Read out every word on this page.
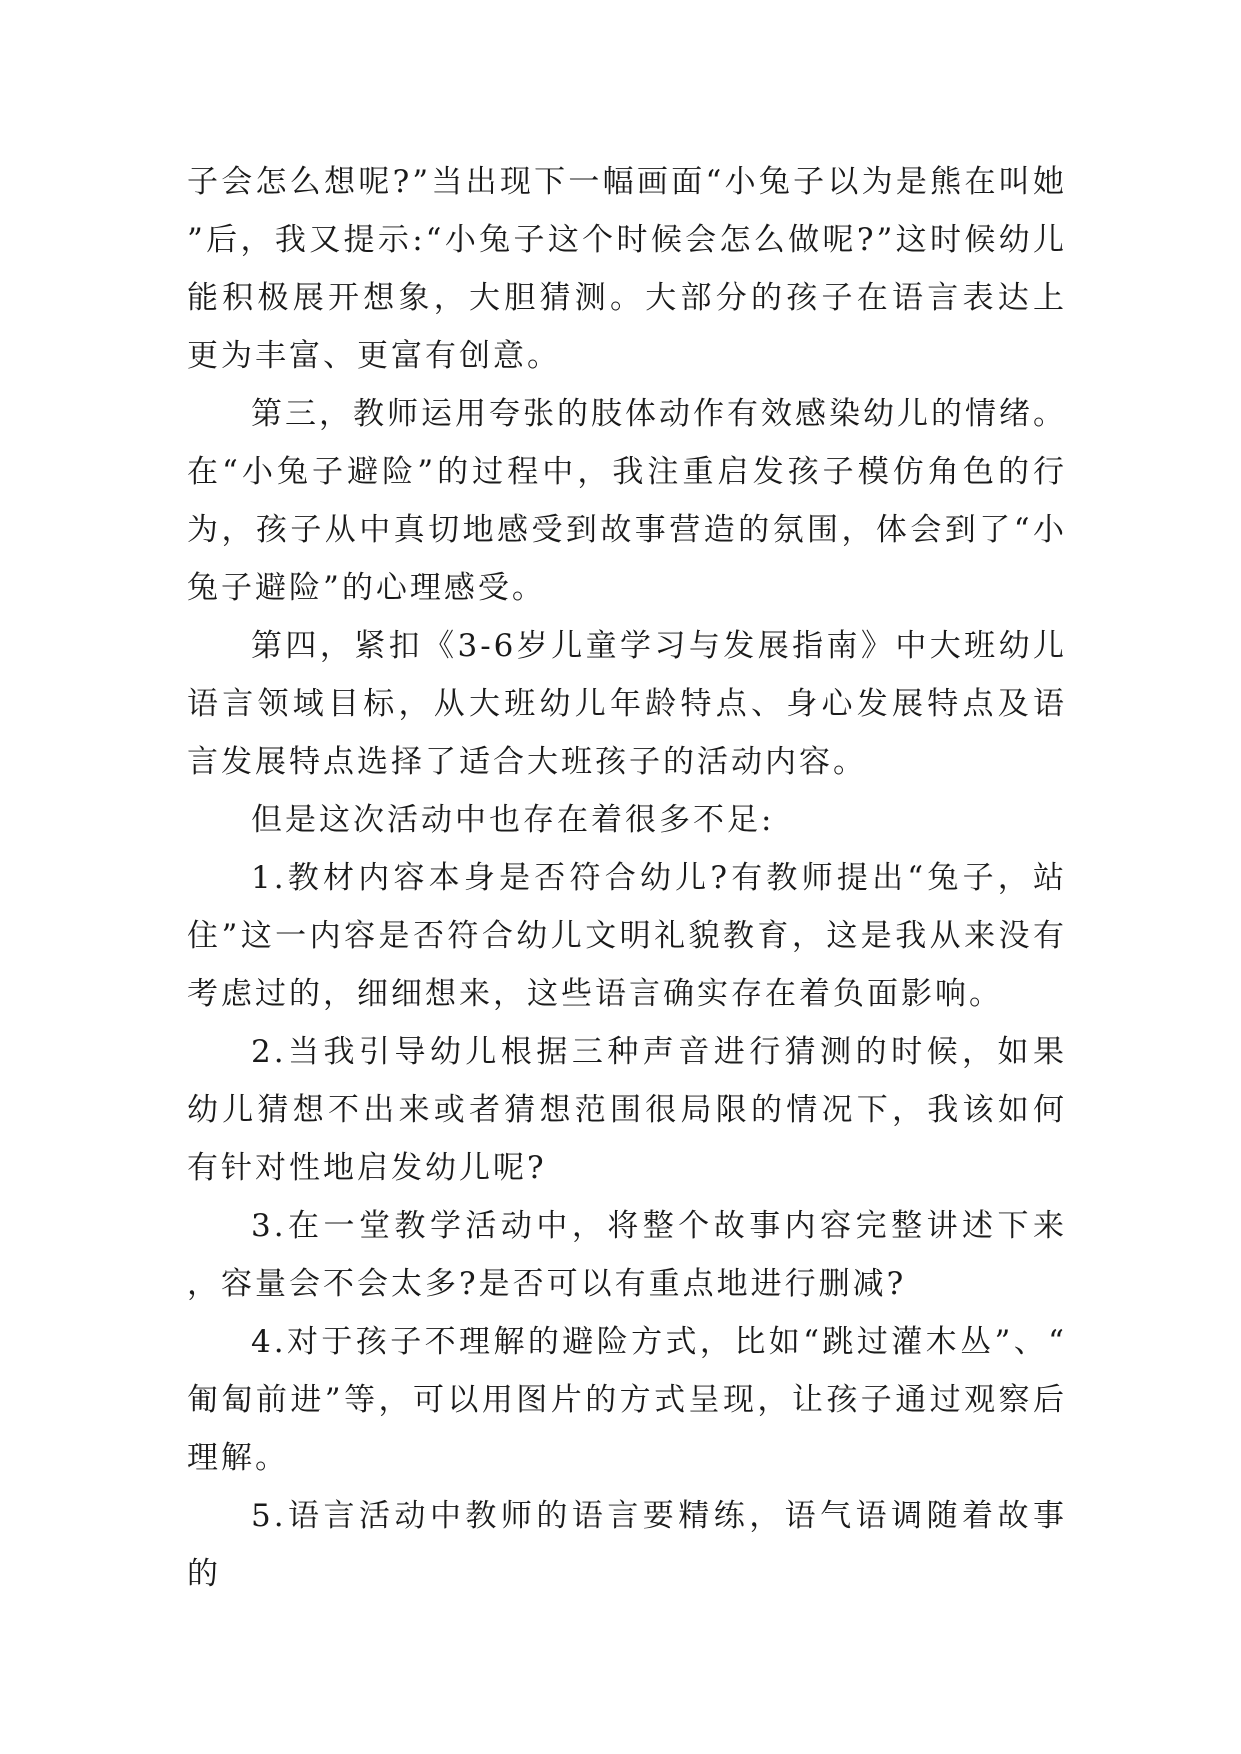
子会怎么想呢?”当出现下一幅画面“小兔子以为是熊在叫她”后，我又提示:“小兔子这个时候会怎么做呢?”这时候幼儿能积极展开想象，大胆猜测。大部分的孩子在语言表达上更为丰富、更富有创意。

第三，教师运用夸张的肢体动作有效感染幼儿的情绪。在“小兔子避险”的过程中，我注重启发孩子模仿角色的行为，孩子从中真切地感受到故事营造的氛围，体会到了“小兔子避险”的心理感受。

第四，紧扣《3-6岁儿童学习与发展指南》中大班幼儿语言领域目标，从大班幼儿年龄特点、身心发展特点及语言发展特点选择了适合大班孩子的活动内容。

但是这次活动中也存在着很多不足:

1.教材内容本身是否符合幼儿?有教师提出“兔子，站住”这一内容是否符合幼儿文明礼貌教育，这是我从来没有考虑过的，细细想来，这些语言确实存在着负面影响。

2.当我引导幼儿根据三种声音进行猜测的时候，如果幼儿猜想不出来或者猜想范围很局限的情况下，我该如何有针对性地启发幼儿呢?

3.在一堂教学活动中，将整个故事内容完整讲述下来，容量会不会太多?是否可以有重点地进行删减?

4.对于孩子不理解的避险方式，比如“跳过灌木丛”、“匍匐前进”等，可以用图片的方式呈现，让孩子通过观察后理解。

5.语言活动中教师的语言要精练，语气语调随着故事的
